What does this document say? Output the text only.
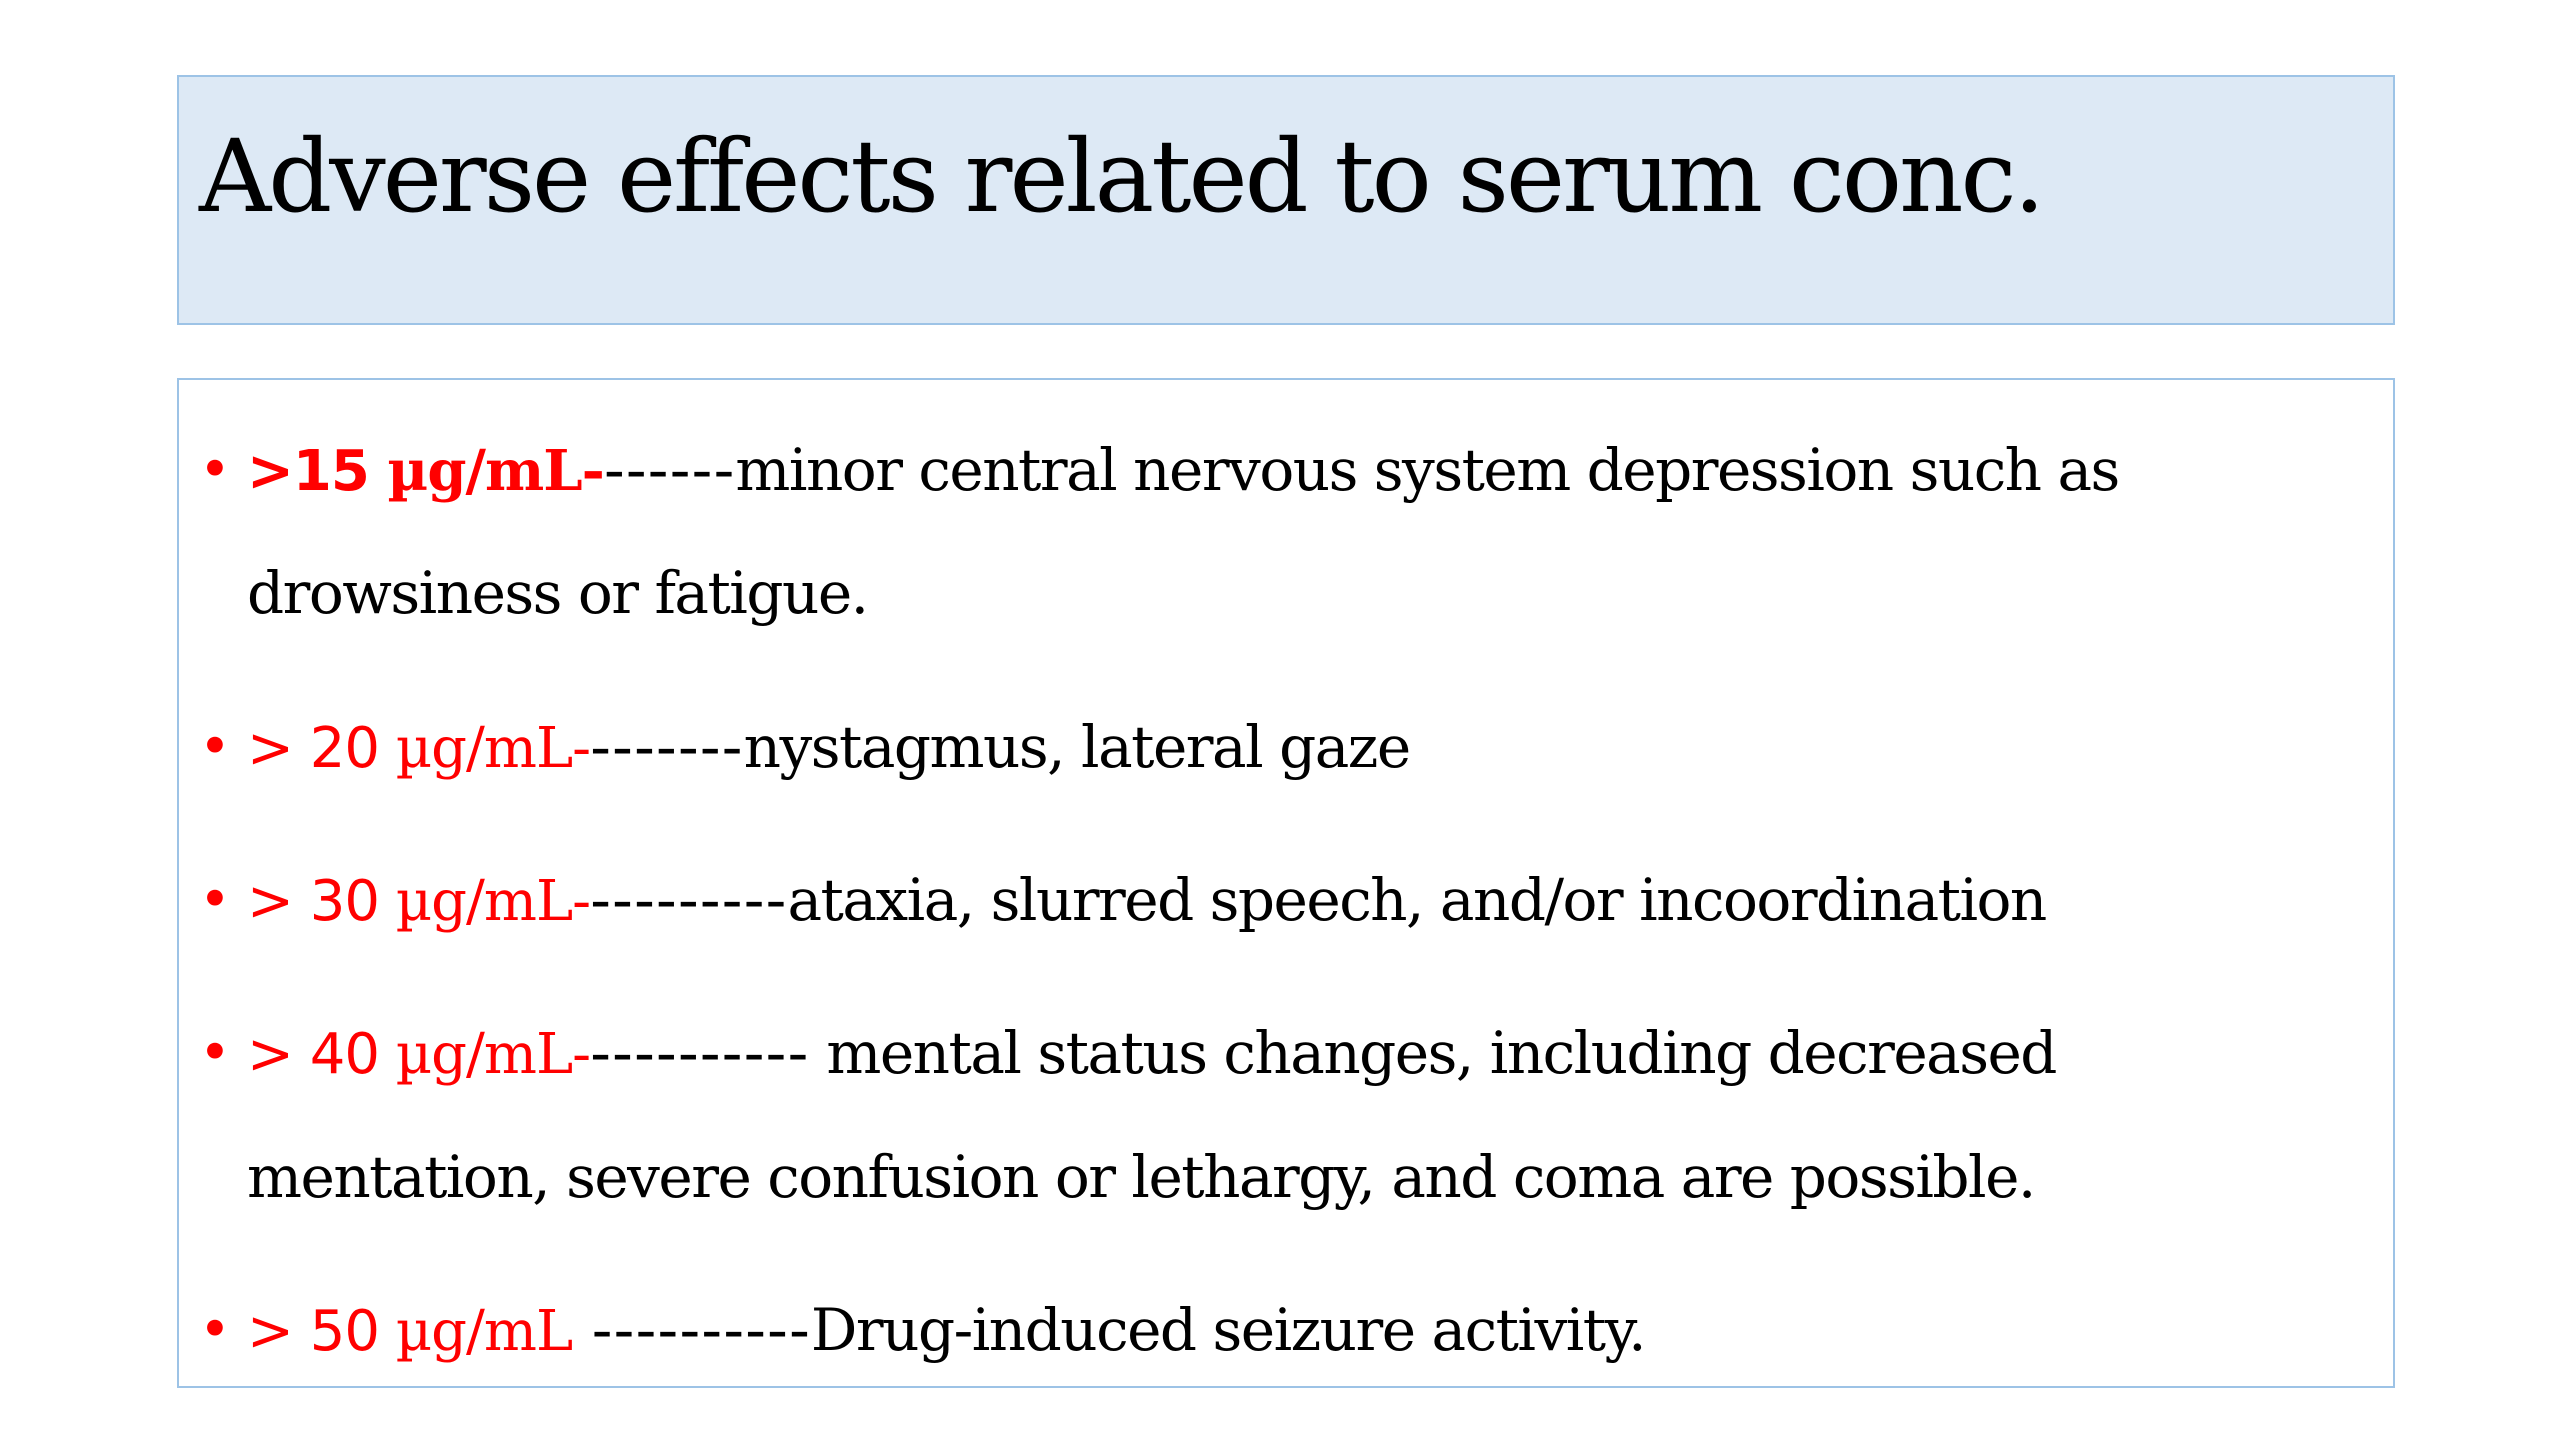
Adverse effects related to serum conc.
• >15 µg/mL-------minor central nervous system depression such as
drowsiness or fatigue.
• > 20 µg/mL--------nystagmus, lateral gaze
• > 30 µg/mL----------ataxia, slurred speech, and/or incoordination
• > 40 µg/mL----------- mental status changes, including decreased
mentation, severe confusion or lethargy, and coma are possible.
• > 50 µg/mL ----------Drug-induced seizure activity.
